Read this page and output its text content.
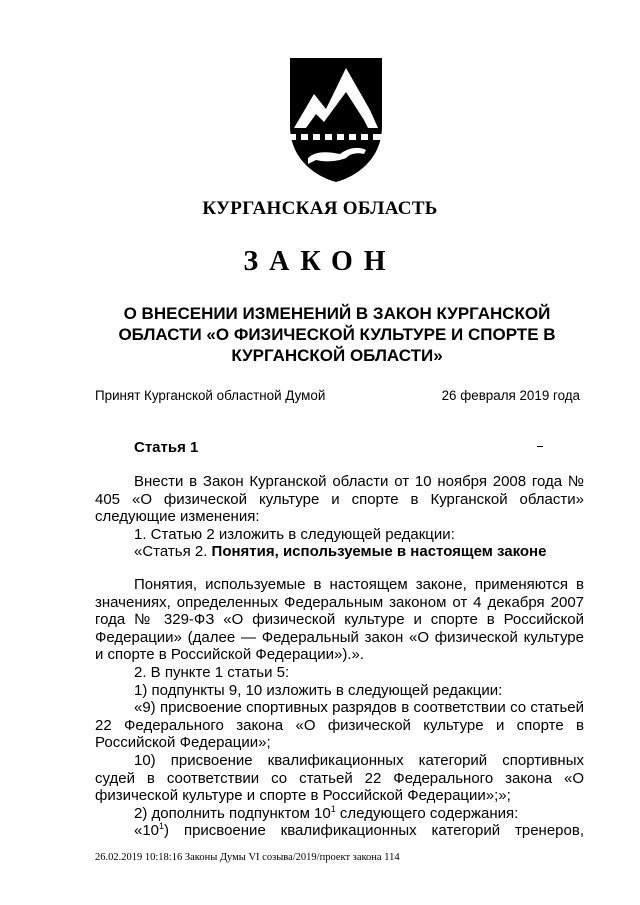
КУРГАНСКАЯ ОБЛАСТЬ
ЗАКОН
О ВНЕСЕНИИ ИЗМЕНЕНИЙ В ЗАКОН КУРГАНСКОЙ ОБЛАСТИ «О ФИЗИЧЕСКОЙ КУЛЬТУРЕ И СПОРТЕ В КУРГАНСКОЙ ОБЛАСТИ»
Принят Курганской областной Думой	26 февраля 2019 года
Статья 1

Внести в Закон Курганской области от 10 ноября 2008 года № 405 «О физической культуре и спорте в Курганской области» следующие изменения:

1. Статью 2 изложить в следующей редакции:

«Статья 2. Понятия, используемые в настоящем законе

Понятия, используемые в настоящем законе, применяются в значениях, определенных Федеральным законом от 4 декабря 2007 года № 329-ФЗ «О физической культуре и спорте в Российской Федерации» (далее — Федеральный закон «О физической культуре и спорте в Российской Федерации»).».

2. В пункте 1 статьи 5:

1) подпункты 9, 10 изложить в следующей редакции:

«9) присвоение спортивных разрядов в соответствии со статьей 22 Федерального закона «О физической культуре и спорте в Российской Федерации»;

10) присвоение квалификационных категорий спортивных судей в соответствии со статьей 22 Федерального закона «О физической культуре и спорте в Российской Федерации»;»;

2) дополнить подпунктом $10^1$ следующего содержания:

«$10^1$) присвоение квалификационных категорий тренеров,

26.02.2019 10:18:16 Законы Думы VI созыва/2019/проект закона 114
